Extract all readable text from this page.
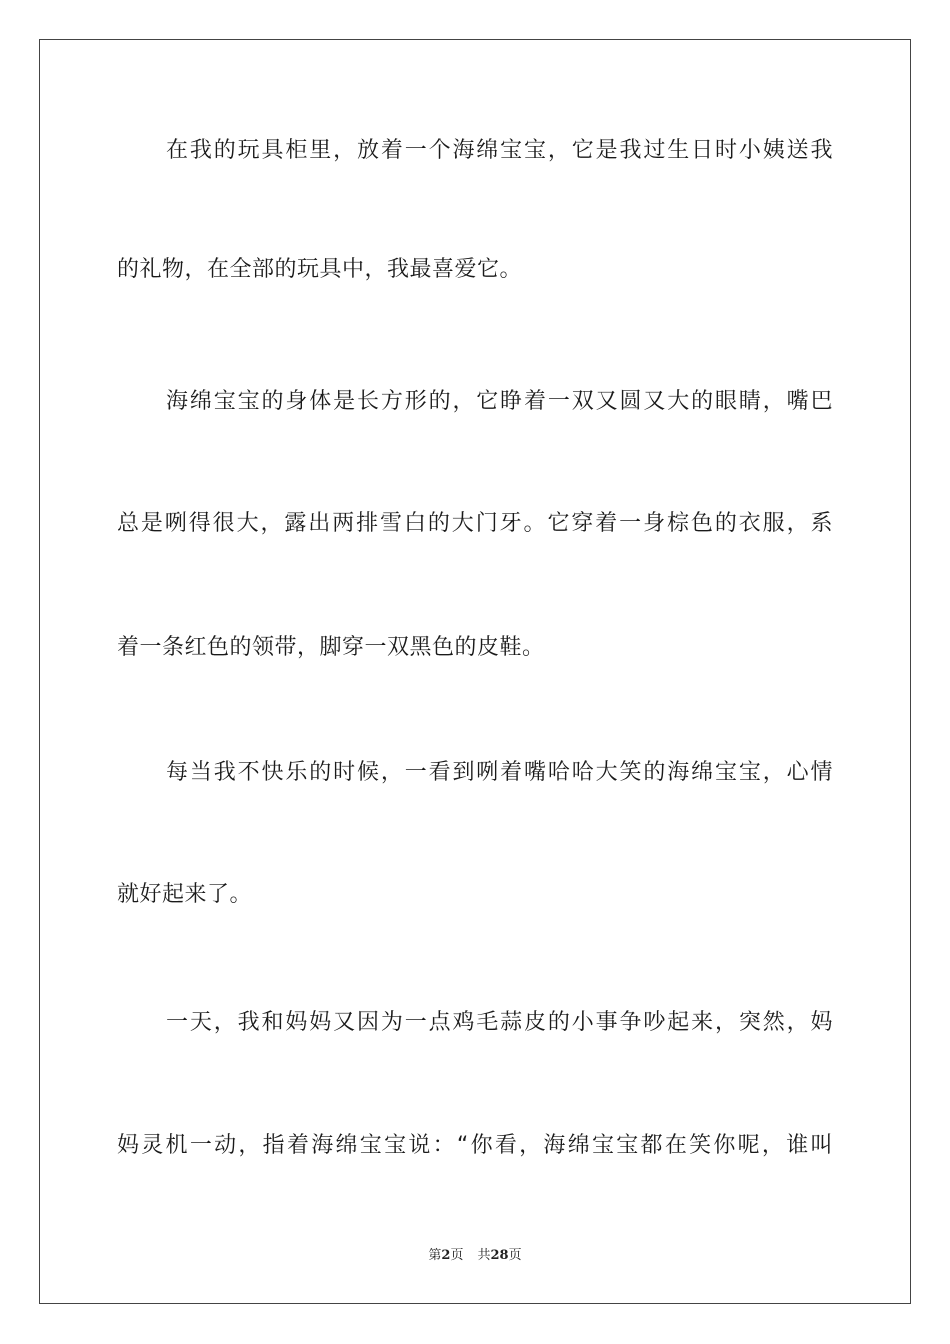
在我的玩具柜里，放着一个海绵宝宝，它是我过生日时小姨送我
的礼物，在全部的玩具中，我最喜爱它。
海绵宝宝的身体是长方形的，它睁着一双又圆又大的眼睛，嘴巴
总是咧得很大，露出两排雪白的大门牙。它穿着一身棕色的衣服，系
着一条红色的领带，脚穿一双黑色的皮鞋。
每当我不快乐的时候，一看到咧着嘴哈哈大笑的海绵宝宝，心情
就好起来了。
一天，我和妈妈又因为一点鸡毛蒜皮的小事争吵起来，突然，妈
妈灵机一动，指着海绵宝宝说：“你看，海绵宝宝都在笑你呢，谁叫
第2页 共28页
